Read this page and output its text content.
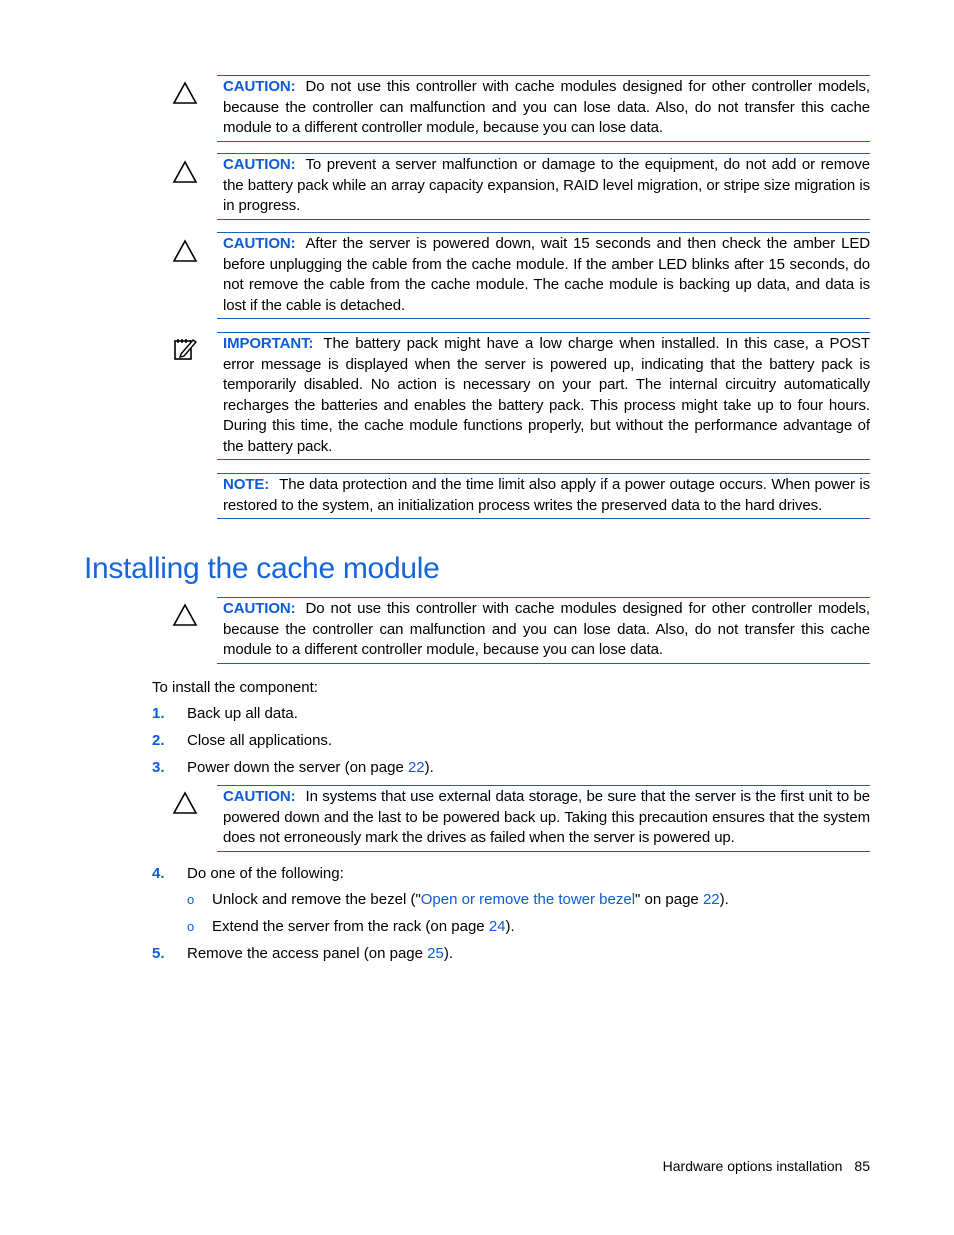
CAUTION: Do not use this controller with cache modules designed for other controller models, because the controller can malfunction and you can lose data. Also, do not transfer this cache module to a different controller module, because you can lose data.
CAUTION: To prevent a server malfunction or damage to the equipment, do not add or remove the battery pack while an array capacity expansion, RAID level migration, or stripe size migration is in progress.
CAUTION: After the server is powered down, wait 15 seconds and then check the amber LED before unplugging the cable from the cache module. If the amber LED blinks after 15 seconds, do not remove the cable from the cache module. The cache module is backing up data, and data is lost if the cable is detached.
IMPORTANT: The battery pack might have a low charge when installed. In this case, a POST error message is displayed when the server is powered up, indicating that the battery pack is temporarily disabled. No action is necessary on your part. The internal circuitry automatically recharges the batteries and enables the battery pack. This process might take up to four hours. During this time, the cache module functions properly, but without the performance advantage of the battery pack.
NOTE: The data protection and the time limit also apply if a power outage occurs. When power is restored to the system, an initialization process writes the preserved data to the hard drives.
Installing the cache module
CAUTION: Do not use this controller with cache modules designed for other controller models, because the controller can malfunction and you can lose data. Also, do not transfer this cache module to a different controller module, because you can lose data.
To install the component:
1. Back up all data.
2. Close all applications.
3. Power down the server (on page 22).
CAUTION: In systems that use external data storage, be sure that the server is the first unit to be powered down and the last to be powered back up. Taking this precaution ensures that the system does not erroneously mark the drives as failed when the server is powered up.
4. Do one of the following:
o Unlock and remove the bezel ("Open or remove the tower bezel" on page 22).
o Extend the server from the rack (on page 24).
5. Remove the access panel (on page 25).
Hardware options installation 85
